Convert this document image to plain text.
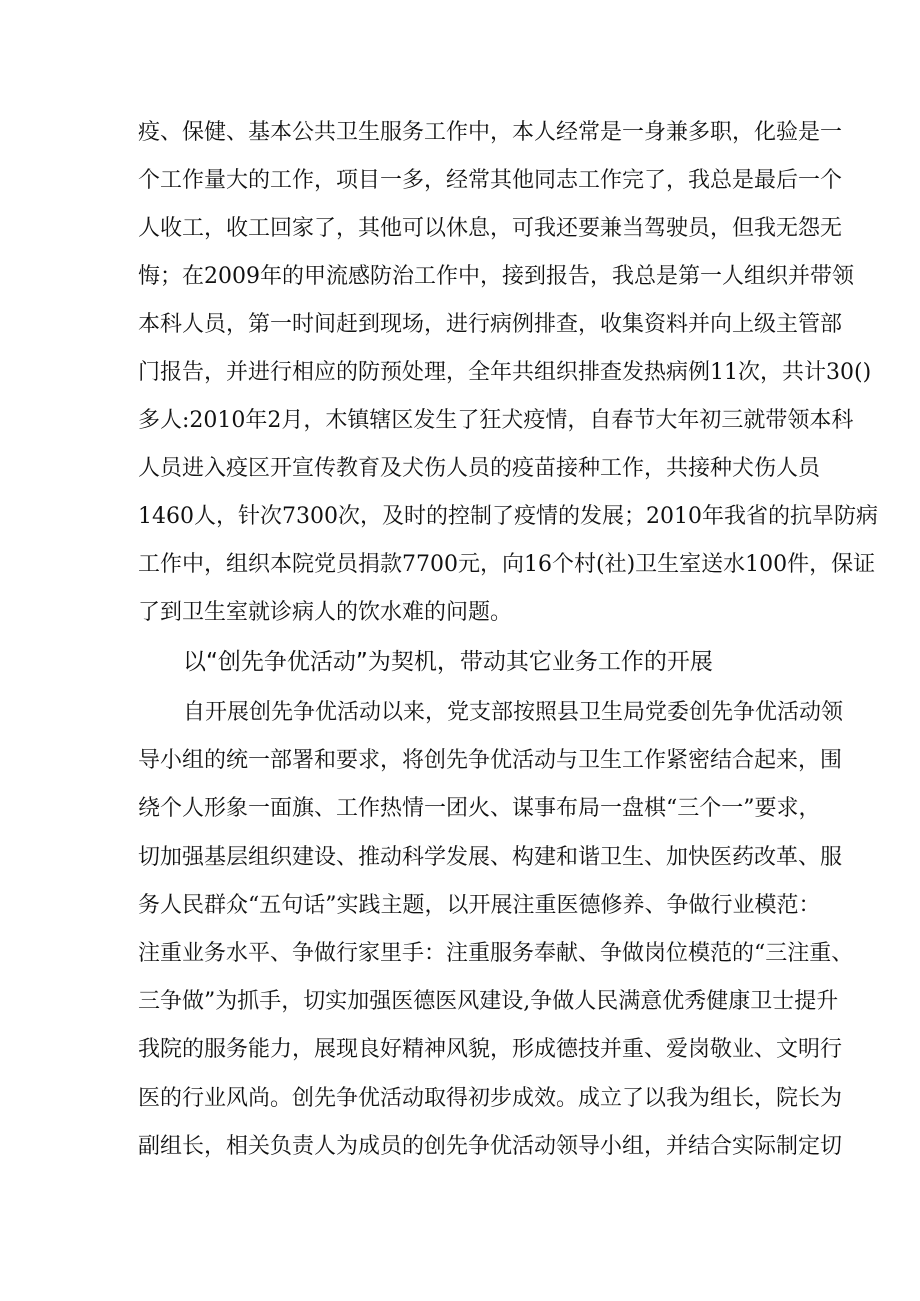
疫、保健、基本公共卫生服务工作中，本人经常是一身兼多职，化验是一
个工作量大的工作，项目一多，经常其他同志工作完了，我总是最后一个
人收工，收工回家了，其他可以休息，可我还要兼当驾驶员，但我无怨无
悔；在2009年的甲流感防治工作中，接到报告，我总是第一人组织并带领
本科人员，第一时间赶到现场，进行病例排查，收集资料并向上级主管部
门报告，并进行相应的防预处理，全年共组织排查发热病例11次，共计30()
多人:2010年2月，木镇辖区发生了狂犬疫情，自春节大年初三就带领本科
人员进入疫区开宣传教育及犬伤人员的疫苗接种工作，共接种犬伤人员
1460人，针次7300次，及时的控制了疫情的发展；2010年我省的抗旱防病
工作中，组织本院党员捐款7700元，向16个村(社)卫生室送水100件，保证
了到卫生室就诊病人的饮水难的问题。
以“创先争优活动”为契机，带动其它业务工作的开展
自开展创先争优活动以来，党支部按照县卫生局党委创先争优活动领
导小组的统一部署和要求，将创先争优活动与卫生工作紧密结合起来，围
绕个人形象一面旗、工作热情一团火、谋事布局一盘棋“三个一”要求，
切加强基层组织建设、推动科学发展、构建和谐卫生、加快医药改革、服
务人民群众“五句话”实践主题，以开展注重医德修养、争做行业模范：
注重业务水平、争做行家里手：注重服务奉献、争做岗位模范的“三注重、
三争做”为抓手，切实加强医德医风建设,争做人民满意优秀健康卫士提升
我院的服务能力，展现良好精神风貌，形成德技并重、爱岗敬业、文明行
医的行业风尚。创先争优活动取得初步成效。成立了以我为组长，院长为
副组长，相关负责人为成员的创先争优活动领导小组，并结合实际制定切
